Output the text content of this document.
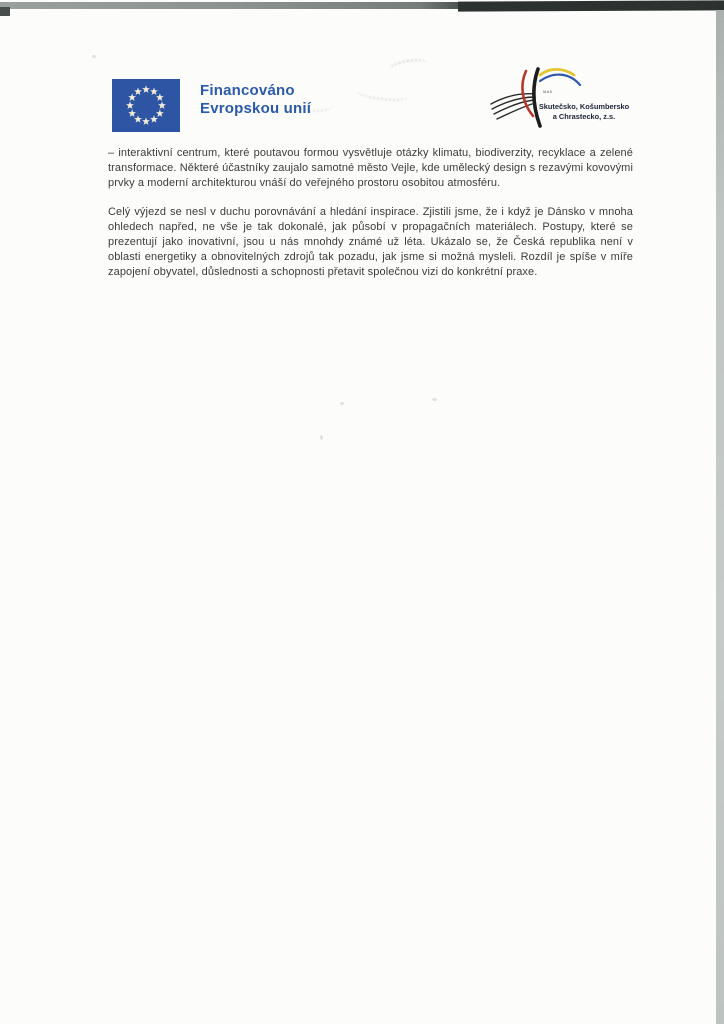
Financováno
Evropskou unií
MAS
Skutečsko, Košumbersko
a Chrastecko, z.s.

– interaktivní centrum, které poutavou formou vysvětluje otázky klimatu, biodiverzity, recyklace a zelené transformace. Některé účastníky zaujalo samotné město Vejle, kde umělecký design s rezavými kovovými prvky a moderní architekturou vnáší do veřejného prostoru osobitou atmosféru.

Celý výjezd se nesl v duchu porovnávání a hledání inspirace. Zjistili jsme, že i když je Dánsko v mnoha ohledech napřed, ne vše je tak dokonalé, jak působí v propagačních materiálech. Postupy, které se prezentují jako inovativní, jsou u nás mnohdy známé už léta. Ukázalo se, že Česká republika není v oblasti energetiky a obnovitelných zdrojů tak pozadu, jak jsme si možná mysleli. Rozdíl je spíše v míře zapojení obyvatel, důslednosti a schopnosti přetavit společnou vizi do konkrétní praxe.
